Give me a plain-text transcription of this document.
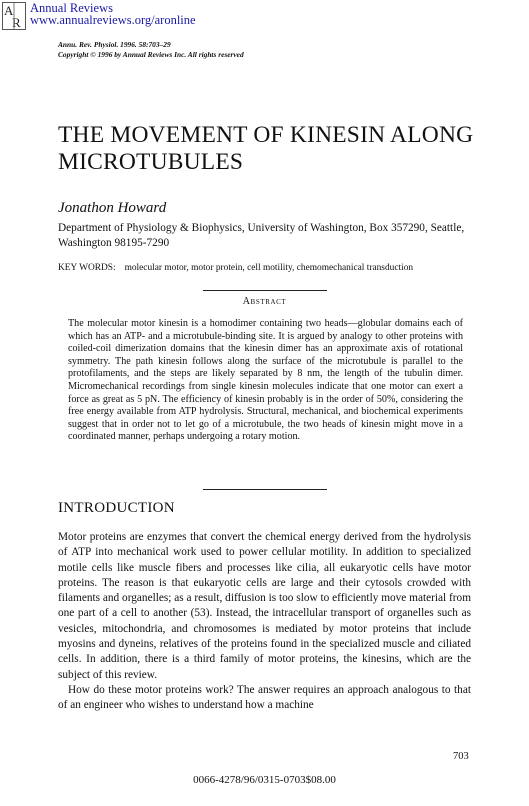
A
R
Annual Reviews
www.annualreviews.org/aronline
Annu. Rev. Physiol. 1996. 58:703–29
Copyright © 1996 by Annual Reviews Inc. All rights reserved
THE MOVEMENT OF KINESIN ALONG MICROTUBULES
Jonathon Howard
Department of Physiology & Biophysics, University of Washington, Box 357290, Seattle, Washington 98195-7290
KEY WORDS: molecular motor, motor protein, cell motility, chemomechanical transduction
Abstract

The molecular motor kinesin is a homodimer containing two heads—globular domains each of which has an ATP- and a microtubule-binding site. It is argued by analogy to other proteins with coiled-coil dimerization domains that the kinesin dimer has an approximate axis of rotational symmetry. The path kinesin follows along the surface of the microtubule is parallel to the protofilaments, and the steps are likely separated by 8 nm, the length of the tubulin dimer. Micromechanical recordings from single kinesin molecules indicate that one motor can exert a force as great as 5 pN. The efficiency of kinesin probably is in the order of 50%, considering the free energy available from ATP hydrolysis. Structural, mechanical, and biochemical experiments suggest that in order not to let go of a microtubule, the two heads of kinesin might move in a coordinated manner, perhaps undergoing a rotary motion.

INTRODUCTION

Motor proteins are enzymes that convert the chemical energy derived from the hydrolysis of ATP into mechanical work used to power cellular motility. In addition to specialized motile cells like muscle fibers and processes like cilia, all eukaryotic cells have motor proteins. The reason is that eukaryotic cells are large and their cytosols crowded with filaments and organelles; as a result, diffusion is too slow to efficiently move material from one part of a cell to another (53). Instead, the intracellular transport of organelles such as vesicles, mitochondria, and chromosomes is mediated by motor proteins that include myosins and dyneins, relatives of the proteins found in the specialized muscle and ciliated cells. In addition, there is a third family of motor proteins, the kinesins, which are the subject of this review.

How do these motor proteins work? The answer requires an approach analogous to that of an engineer who wishes to understand how a machine

703
0066-4278/96/0315-0703$08.00
